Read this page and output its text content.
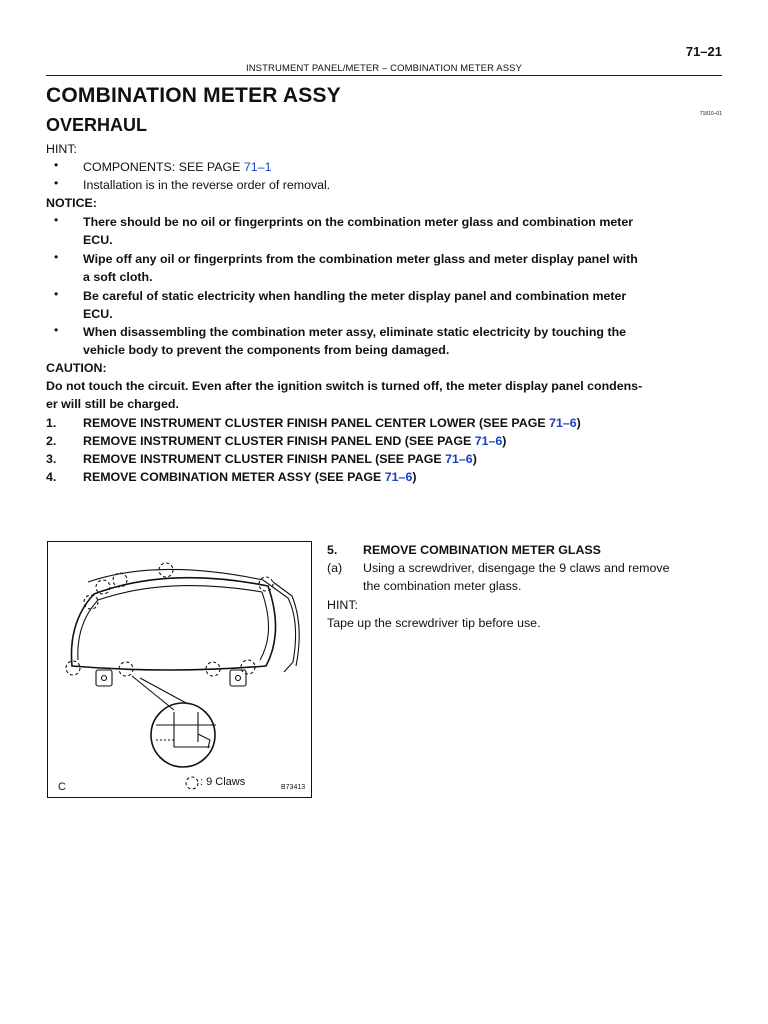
71–21
INSTRUMENT PANEL/METER – COMBINATION METER ASSY
COMBINATION METER ASSY
OVERHAUL
71810–01
HINT:
• COMPONENTS: SEE PAGE 71–1
• Installation is in the reverse order of removal.
NOTICE:
• There should be no oil or fingerprints on the combination meter glass and combination meter
ECU.
• Wipe off any oil or fingerprints from the combination meter glass and meter display panel with
a soft cloth.
• Be careful of static electricity when handling the meter display panel and combination meter
ECU.
• When disassembling the combination meter assy, eliminate static electricity by touching the
vehicle body to prevent the components from being damaged.
CAUTION:
Do not touch the circuit. Even after the ignition switch is turned off, the meter display panel condens-
er will still be charged.
1. REMOVE INSTRUMENT CLUSTER FINISH PANEL CENTER LOWER (SEE PAGE 71–6)
2. REMOVE INSTRUMENT CLUSTER FINISH PANEL END (SEE PAGE 71–6)
3. REMOVE INSTRUMENT CLUSTER FINISH PANEL (SEE PAGE 71–6)
4. REMOVE COMBINATION METER ASSY (SEE PAGE 71–6)
C	: 9 Claws	B73413
5. REMOVE COMBINATION METER GLASS
(a) Using a screwdriver, disengage the 9 claws and remove
the combination meter glass.
HINT:
Tape up the screwdriver tip before use.
